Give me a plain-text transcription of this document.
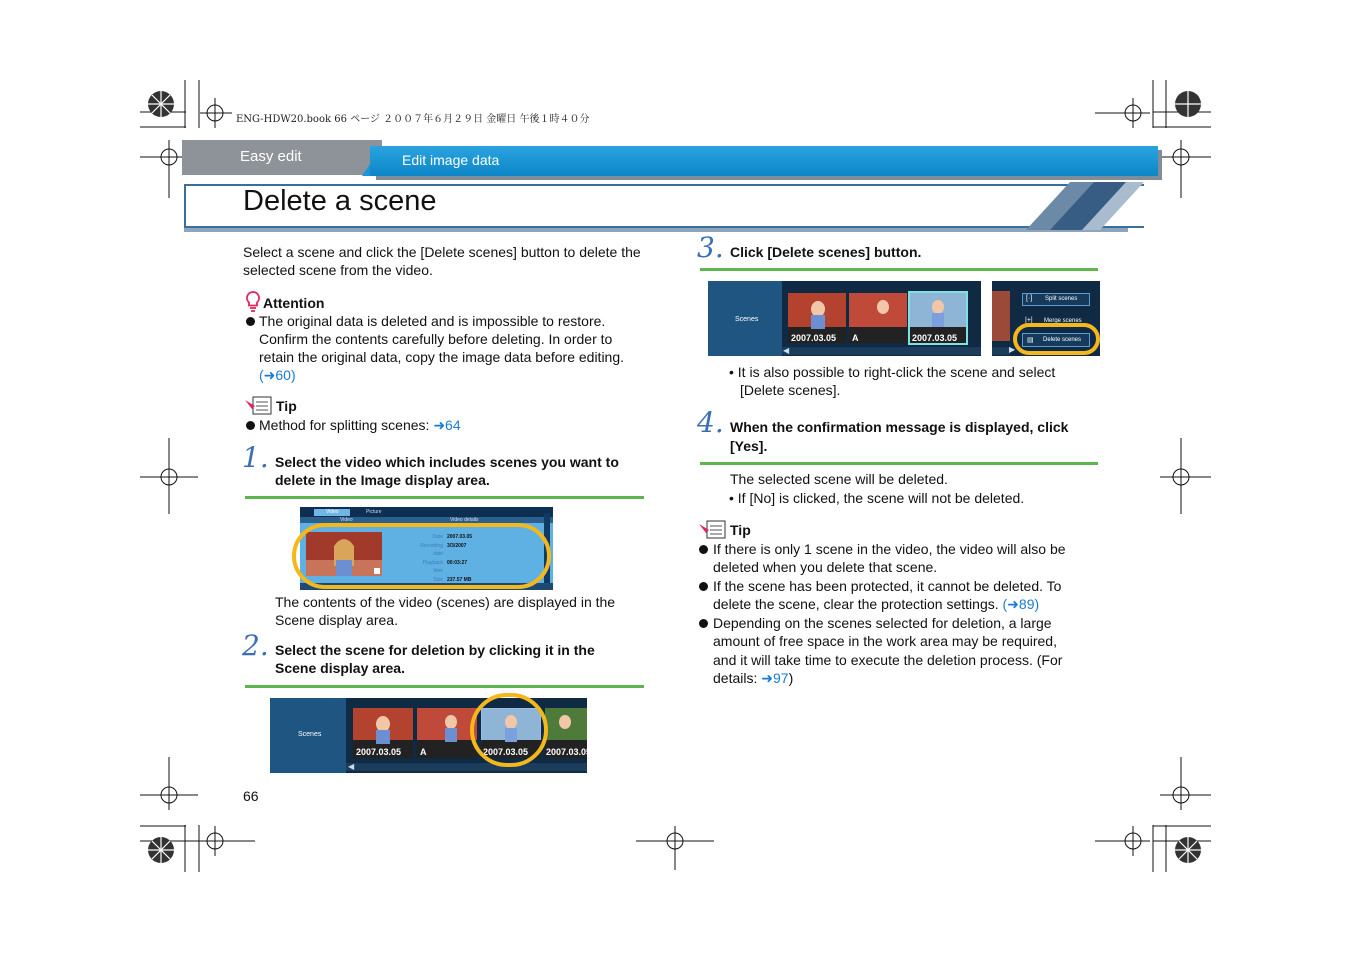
ENG-HDW20.book 66 ページ ２００７年６月２９日 金曜日 午後１時４０分
Easy edit	Edit image data
Delete a scene
Select a scene and click the [Delete scenes] button to delete the selected scene from the video.
Attention
The original data is deleted and is impossible to restore.
Confirm the contents carefully before deleting. In order to
retain the original data, copy the image data before editing.
(➜60)
Tip
Method for splitting scenes: ➜64
1. Select the video which includes scenes you want to
delete in the Image display area.
Video	Picture
Video	Video details
Date 2007.03.05
Recording date
3/3/2007
Playback time
00:03:27
Size 237.57 MB
Resolution 1440 x 1080 Pixels
The contents of the video (scenes) are displayed in the
Scene display area.
2. Select the scene for deletion by clicking it in the
Scene display area.
Scenes
2007.03.05 A	2007.03.05 2007.03.05
◀
66
3. Click [Delete scenes] button.
Scenes
2007.03.05 A	2007.03.05
◀	▶
[·] Split scenes
|+| Merge scenes
▤ Delete scenes
• It is also possible to right-click the scene and select
[Delete scenes].
4. When the confirmation message is displayed, click
[Yes].
The selected scene will be deleted.
• If [No] is clicked, the scene will not be deleted.
Tip
If there is only 1 scene in the video, the video will also be
deleted when you delete that scene.
If the scene has been protected, it cannot be deleted. To
delete the scene, clear the protection settings. (➜89)
Depending on the scenes selected for deletion, a large
amount of free space in the work area may be required,
and it will take time to execute the deletion process. (For
details: ➜97)
